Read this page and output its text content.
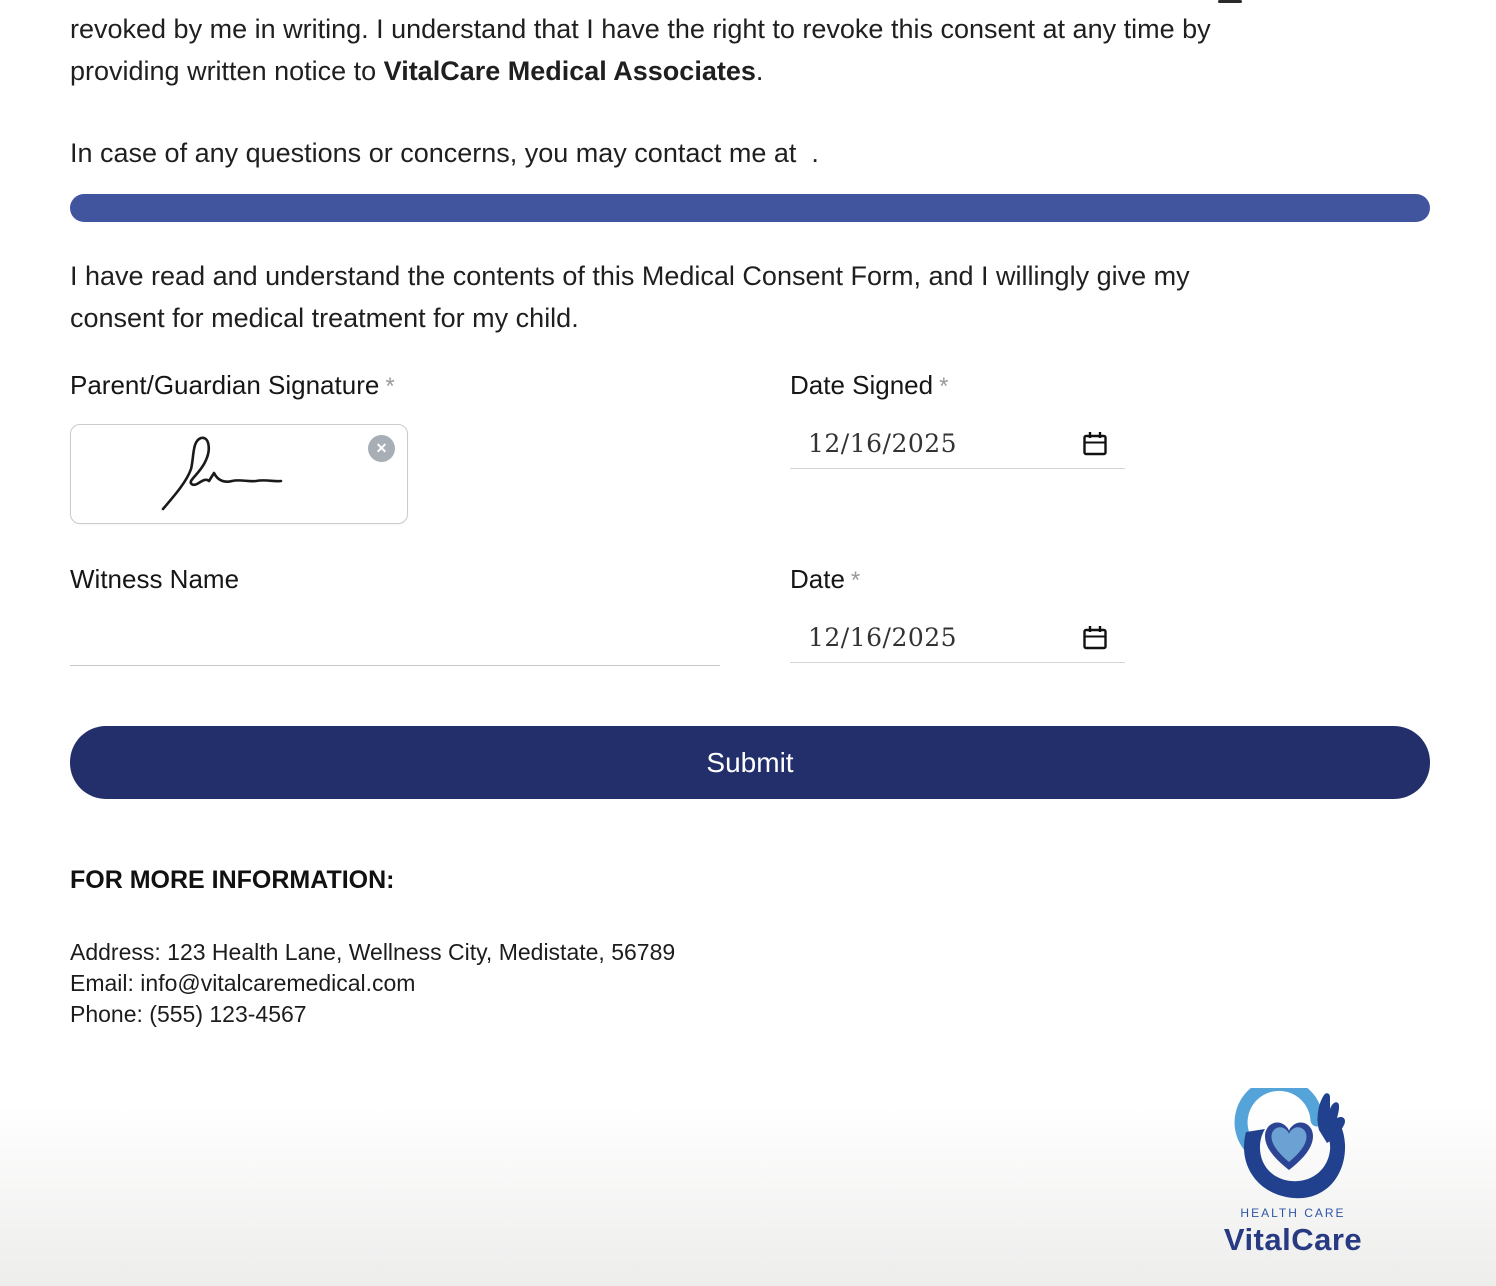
revoked by me in writing. I understand that I have the right to revoke this consent at any time by
providing written notice to VitalCare Medical Associates.

In case of any questions or concerns, you may contact me at  .

I have read and understand the contents of this Medical Consent Form, and I willingly give my
consent for medical treatment for my child.

Parent/Guardian Signature *
✕
Date Signed *
12/16/2025
Witness Name	Date *
12/16/2025
Submit
FOR MORE INFORMATION:
Address: 123 Health Lane, Wellness City, Medistate, 56789
Email: info@vitalcaremedical.com
Phone: (555) 123-4567
HEALTH CARE
VitalCare
